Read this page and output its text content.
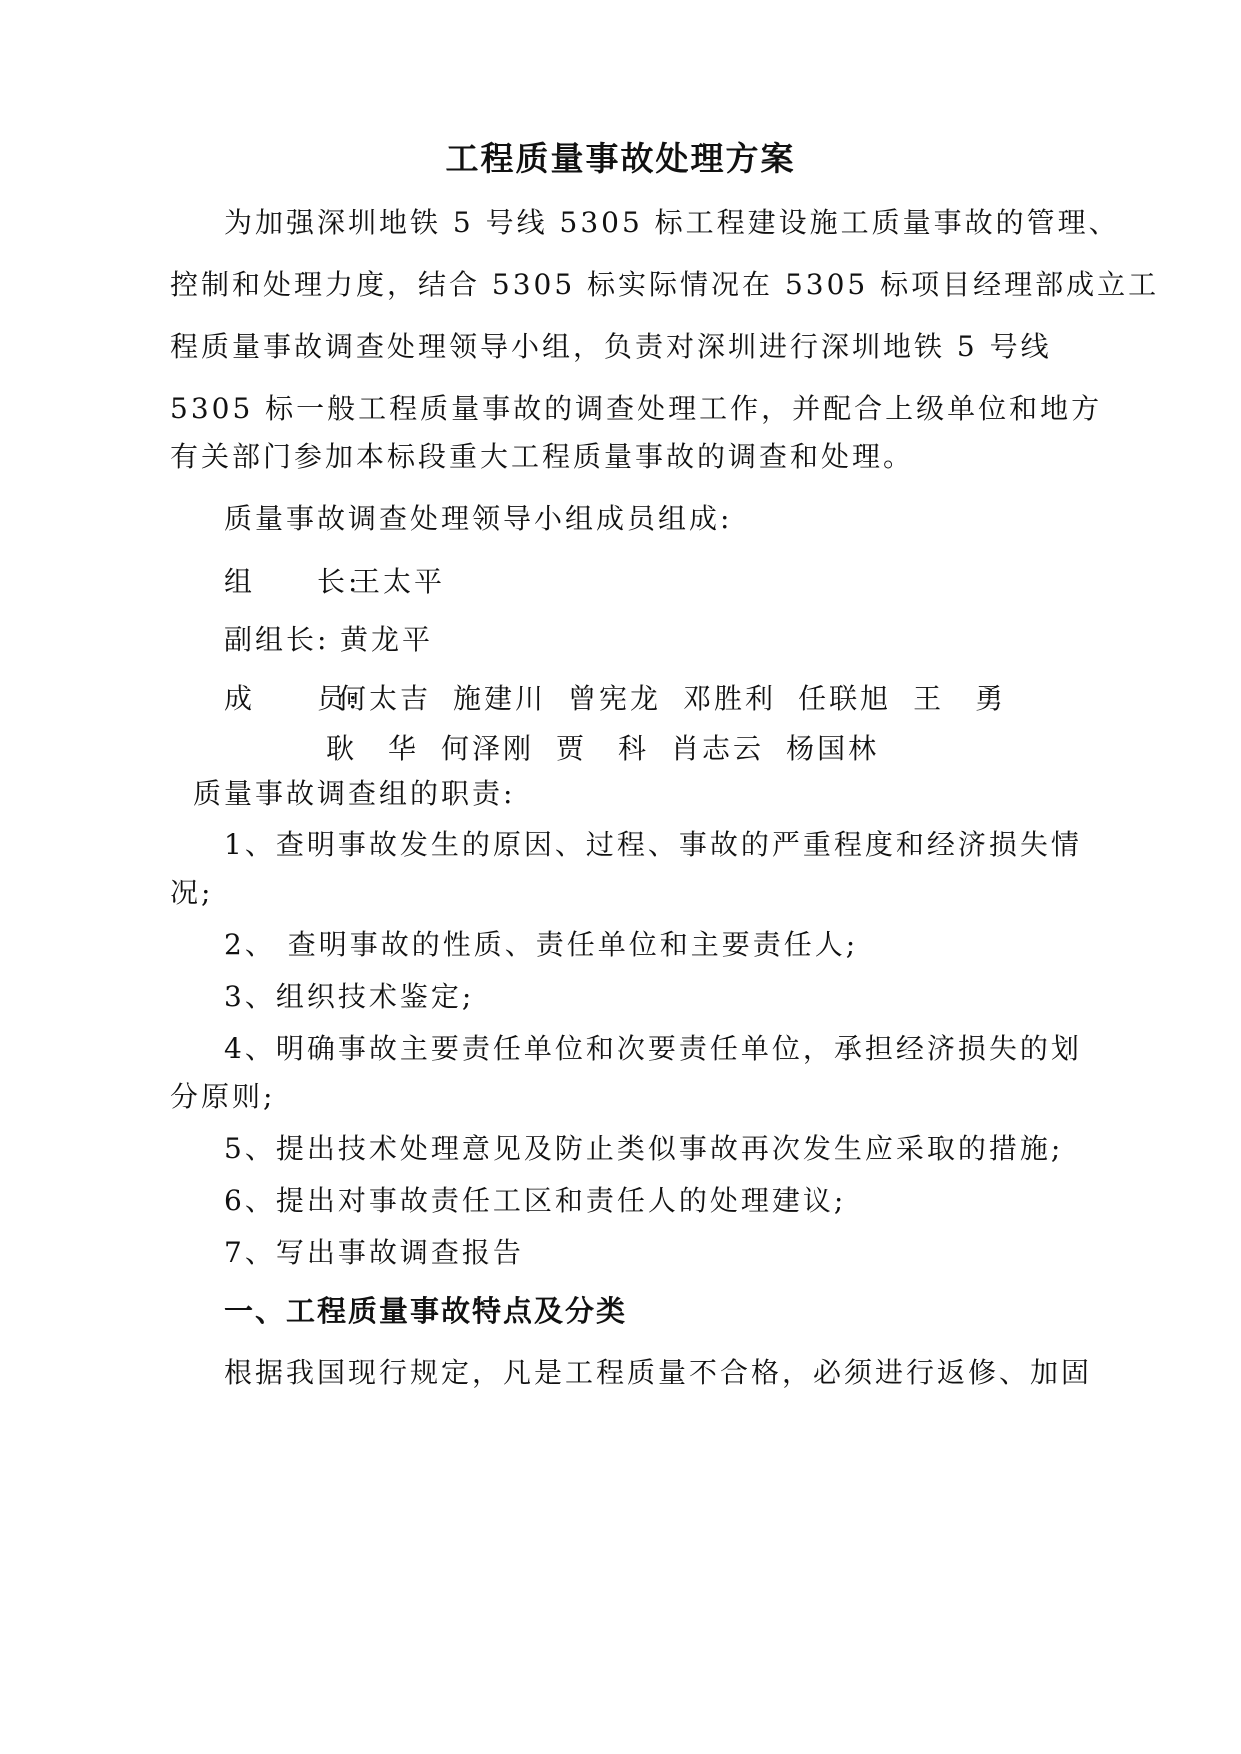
工程质量事故处理方案
为加强深圳地铁 5 号线 5305 标工程建设施工质量事故的管理、
控制和处理力度，结合 5305 标实际情况在 5305 标项目经理部成立工
程质量事故调查处理领导小组，负责对深圳进行深圳地铁 5 号线
5305 标一般工程质量事故的调查处理工作，并配合上级单位和地方
有关部门参加本标段重大工程质量事故的调查和处理。
质量事故调查处理领导小组成员组成:
组　　长:王太平
副组长: 黄龙平
成　　员:何太吉 施建川 曾宪龙 邓胜利 任联旭 王　勇
耿　华 何泽刚 贾　科 肖志云 杨国林
质量事故调查组的职责:
1、查明事故发生的原因、过程、事故的严重程度和经济损失情
况;
2、 查明事故的性质、责任单位和主要责任人;
3、组织技术鉴定;
4、明确事故主要责任单位和次要责任单位，承担经济损失的划
分原则;
5、提出技术处理意见及防止类似事故再次发生应采取的措施;
6、提出对事故责任工区和责任人的处理建议;
7、写出事故调查报告
一、工程质量事故特点及分类
根据我国现行规定，凡是工程质量不合格，必须进行返修、加固
